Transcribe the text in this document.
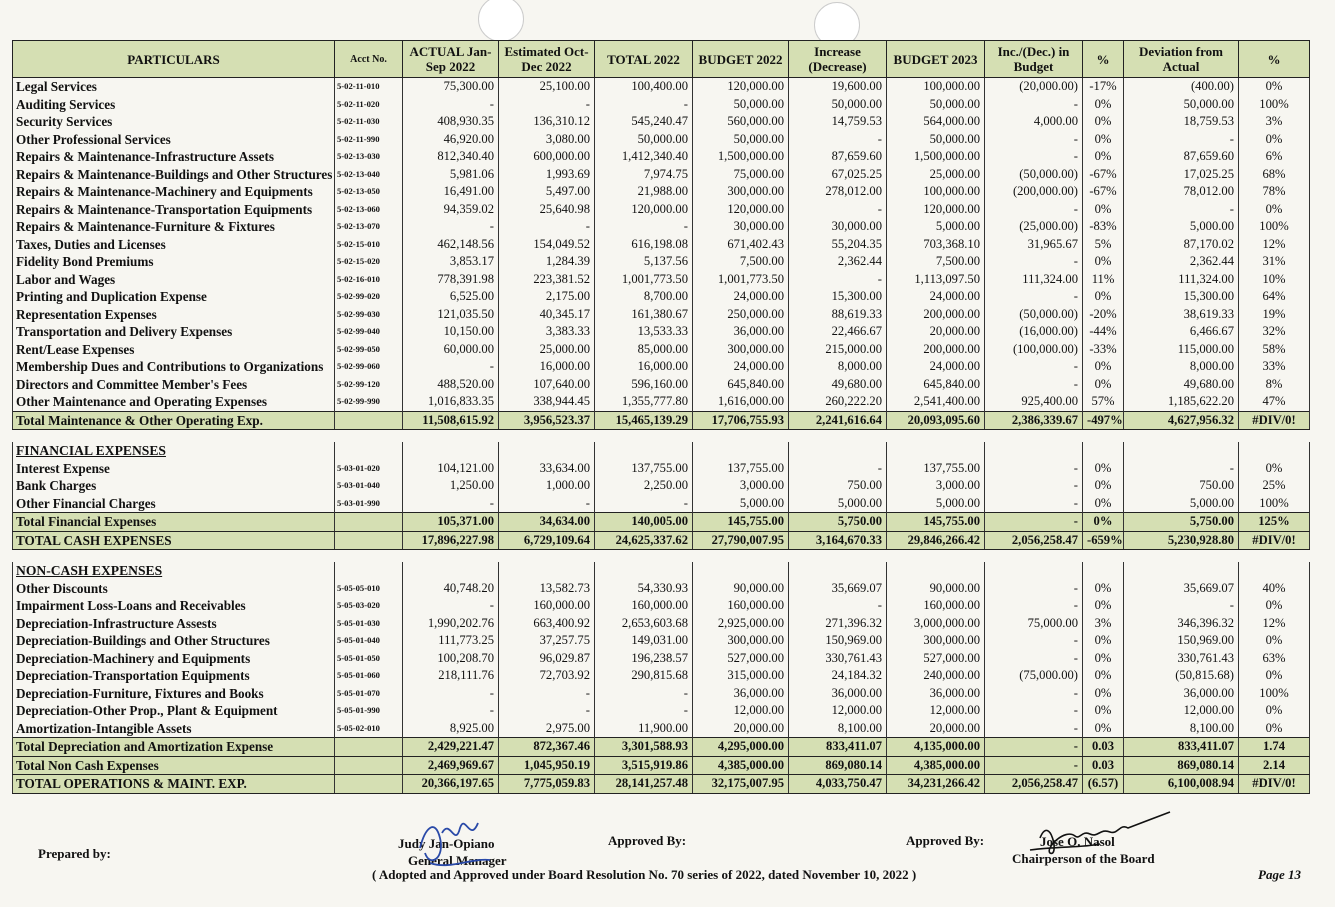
PARTICULARS	Acct No.	ACTUAL Jan-Sep 2022	Estimated Oct-Dec 2022	TOTAL 2022	BUDGET 2022	Increase (Decrease)	BUDGET 2023	Inc./(Dec.) in Budget	%	Deviation from Actual	%
Legal Services	5-02-11-010	75,300.00	25,100.00	100,400.00	120,000.00	19,600.00	100,000.00	(20,000.00)	-17%	(400.00)	0%
Auditing Services	5-02-11-020	-	-	-	50,000.00	50,000.00	50,000.00	-	0%	50,000.00	100%
Security Services	5-02-11-030	408,930.35	136,310.12	545,240.47	560,000.00	14,759.53	564,000.00	4,000.00	0%	18,759.53	3%
Other Professional Services	5-02-11-990	46,920.00	3,080.00	50,000.00	50,000.00	-	50,000.00	-	0%	-	0%
Repairs & Maintenance-Infrastructure Assets	5-02-13-030	812,340.40	600,000.00	1,412,340.40	1,500,000.00	87,659.60	1,500,000.00	-	0%	87,659.60	6%
Repairs & Maintenance-Buildings and Other Structures	5-02-13-040	5,981.06	1,993.69	7,974.75	75,000.00	67,025.25	25,000.00	(50,000.00)	-67%	17,025.25	68%
Repairs & Maintenance-Machinery and Equipments	5-02-13-050	16,491.00	5,497.00	21,988.00	300,000.00	278,012.00	100,000.00	(200,000.00)	-67%	78,012.00	78%
Repairs & Maintenance-Transportation Equipments	5-02-13-060	94,359.02	25,640.98	120,000.00	120,000.00	-	120,000.00	-	0%	-	0%
Repairs & Maintenance-Furniture & Fixtures	5-02-13-070	-	-	-	30,000.00	30,000.00	5,000.00	(25,000.00)	-83%	5,000.00	100%
Taxes, Duties and Licenses	5-02-15-010	462,148.56	154,049.52	616,198.08	671,402.43	55,204.35	703,368.10	31,965.67	5%	87,170.02	12%
Fidelity Bond Premiums	5-02-15-020	3,853.17	1,284.39	5,137.56	7,500.00	2,362.44	7,500.00	-	0%	2,362.44	31%
Labor and Wages	5-02-16-010	778,391.98	223,381.52	1,001,773.50	1,001,773.50	-	1,113,097.50	111,324.00	11%	111,324.00	10%
Printing and Duplication Expense	5-02-99-020	6,525.00	2,175.00	8,700.00	24,000.00	15,300.00	24,000.00	-	0%	15,300.00	64%
Representation Expenses	5-02-99-030	121,035.50	40,345.17	161,380.67	250,000.00	88,619.33	200,000.00	(50,000.00)	-20%	38,619.33	19%
Transportation and Delivery Expenses	5-02-99-040	10,150.00	3,383.33	13,533.33	36,000.00	22,466.67	20,000.00	(16,000.00)	-44%	6,466.67	32%
Rent/Lease Expenses	5-02-99-050	60,000.00	25,000.00	85,000.00	300,000.00	215,000.00	200,000.00	(100,000.00)	-33%	115,000.00	58%
Membership Dues and Contributions to Organizations	5-02-99-060	-	16,000.00	16,000.00	24,000.00	8,000.00	24,000.00	-	0%	8,000.00	33%
Directors and Committee Member's Fees	5-02-99-120	488,520.00	107,640.00	596,160.00	645,840.00	49,680.00	645,840.00	-	0%	49,680.00	8%
Other Maintenance and Operating Expenses	5-02-99-990	1,016,833.35	338,944.45	1,355,777.80	1,616,000.00	260,222.20	2,541,400.00	925,400.00	57%	1,185,622.20	47%
Total Maintenance & Other Operating Exp.		11,508,615.92	3,956,523.37	15,465,139.29	17,706,755.93	2,241,616.64	20,093,095.60	2,386,339.67	-497%	4,627,956.32	#DIV/0!

FINANCIAL EXPENSES											
Interest Expense	5-03-01-020	104,121.00	33,634.00	137,755.00	137,755.00	-	137,755.00	-	0%	-	0%
Bank Charges	5-03-01-040	1,250.00	1,000.00	2,250.00	3,000.00	750.00	3,000.00	-	0%	750.00	25%
Other Financial Charges	5-03-01-990	-	-	-	5,000.00	5,000.00	5,000.00	-	0%	5,000.00	100%
Total Financial Expenses		105,371.00	34,634.00	140,005.00	145,755.00	5,750.00	145,755.00	-	0%	5,750.00	125%
TOTAL CASH EXPENSES		17,896,227.98	6,729,109.64	24,625,337.62	27,790,007.95	3,164,670.33	29,846,266.42	2,056,258.47	-659%	5,230,928.80	#DIV/0!

NON-CASH EXPENSES											
Other Discounts	5-05-05-010	40,748.20	13,582.73	54,330.93	90,000.00	35,669.07	90,000.00	-	0%	35,669.07	40%
Impairment Loss-Loans and Receivables	5-05-03-020	-	160,000.00	160,000.00	160,000.00	-	160,000.00	-	0%	-	0%
Depreciation-Infrastructure Assests	5-05-01-030	1,990,202.76	663,400.92	2,653,603.68	2,925,000.00	271,396.32	3,000,000.00	75,000.00	3%	346,396.32	12%
Depreciation-Buildings and Other Structures	5-05-01-040	111,773.25	37,257.75	149,031.00	300,000.00	150,969.00	300,000.00	-	0%	150,969.00	0%
Depreciation-Machinery and Equipments	5-05-01-050	100,208.70	96,029.87	196,238.57	527,000.00	330,761.43	527,000.00	-	0%	330,761.43	63%
Depreciation-Transportation Equipments	5-05-01-060	218,111.76	72,703.92	290,815.68	315,000.00	24,184.32	240,000.00	(75,000.00)	0%	(50,815.68)	0%
Depreciation-Furniture, Fixtures and Books	5-05-01-070	-	-	-	36,000.00	36,000.00	36,000.00	-	0%	36,000.00	100%
Depreciation-Other Prop., Plant & Equipment	5-05-01-990	-	-	-	12,000.00	12,000.00	12,000.00	-	0%	12,000.00	0%
Amortization-Intangible Assets	5-05-02-010	8,925.00	2,975.00	11,900.00	20,000.00	8,100.00	20,000.00	-	0%	8,100.00	0%
Total Depreciation and Amortization Expense		2,429,221.47	872,367.46	3,301,588.93	4,295,000.00	833,411.07	4,135,000.00	-	0.03	833,411.07	1.74
Total Non Cash Expenses		2,469,969.67	1,045,950.19	3,515,919.86	4,385,000.00	869,080.14	4,385,000.00	-	0.03	869,080.14	2.14
TOTAL OPERATIONS & MAINT. EXP.		20,366,197.65	7,775,059.83	28,141,257.48	32,175,007.95	4,033,750.47	34,231,266.42	2,056,258.47	(6.57)	6,100,008.94	#DIV/0!
Prepared by:
Judy Jan-Opiano
General Manager
Approved By:	Approved By:	Jose O. Nasol
Chairperson of the Board
( Adopted and Approved under Board Resolution No. 70 series of 2022, dated November 10, 2022 )	Page 13
